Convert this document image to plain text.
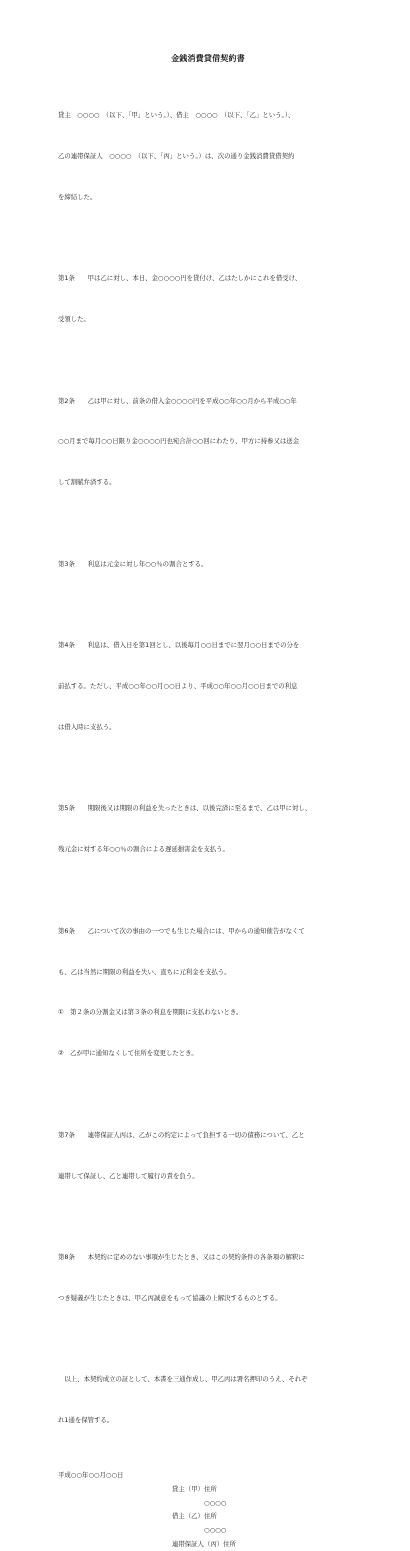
金銭消費貸借契約書

貸主　○○○○　（以下、「甲」という。）、借主　○○○○　（以下、「乙」という。）、

乙の連帯保証人　○○○○　（以下、「丙」という。）は、次の通り金銭消費貸借契約

を締結した。

第1条　　甲は乙に対し、本日、金○○○○円を貸付け、乙はたしかにこれを借受け、

受領した。

第2条　　乙は甲に対し、前条の借入金○○○○円を平成○○年○○月から平成○○年

○○月まで毎月○○日限り金○○○○円也宛合計○○回にわたり、甲方に持参又は送金

して割賦弁済する。

第3条　　利息は元金に対し年○○％の割合とする。

第4条　　利息は、借入日を第1回とし、以後毎月○○日までに翌月○○日までの分を

前払する。ただし、平成○○年○○月○○日より、平成○○年○○月○○日までの利息

は借入時に支払う。

第5条　　期限後又は期限の利益を失ったときは、以後完済に至るまで、乙は甲に対し、

残元金に対する年○○％の割合による遅延損害金を支払う。

第6条　　乙について次の事由の一つでも生じた場合には、甲からの通知催告がなくて

も、乙は当然に期限の利益を失い、直ちに元利金を支払う。

①　第２条の分割金又は第３条の利息を期限に支払わないとき。

②　乙が甲に通知なくして住所を変更したとき。

第7条　　連帯保証人丙は、乙がこの約定によって負担する一切の債務について、乙と

連帯して保証し、乙と連帯して履行の責を負う。

第8条　　本契約に定めのない事項が生じたとき、又はこの契約条件の各条項の解釈に

つき疑義が生じたときは、甲乙丙誠意をもって協議の上解決するものとする。

　以上、本契約成立の証として、本書を三通作成し、甲乙丙は署名押印のうえ、それぞ

れ1通を保管する。

平成○○年○○月○○日
貸主（甲）住所
○○○○
借主（乙）住所
○○○○
連帯保証人（丙）住所
